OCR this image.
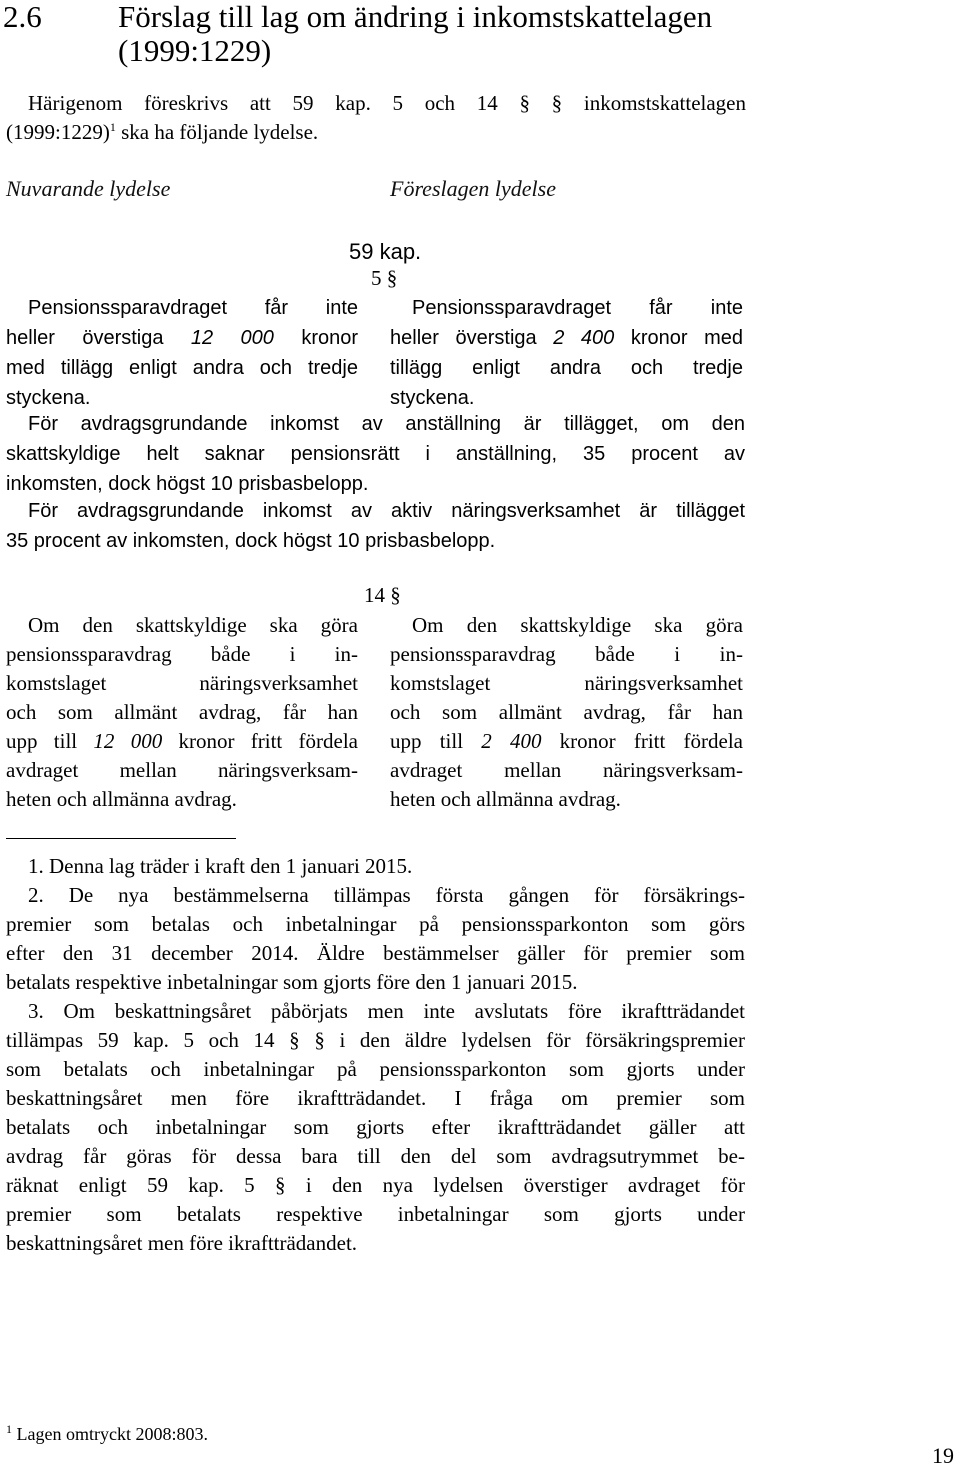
2.6 Förslag till lag om ändring i inkomstskattelagen
(1999:1229)
Härigenom föreskrivs att 59 kap. 5 och 14 § § inkomstskattelagen
(1999:1229)$^1$ ska ha följande lydelse.
Nuvarande lydelse	Föreslagen lydelse
59 kap.
5 §
Pensionssparavdraget får inte
heller överstiga 12 000 kronor
med tillägg enligt andra och tredje
styckena.
Pensionssparavdraget får inte
heller överstiga 2 400 kronor med
tillägg enligt andra och tredje
styckena.
För avdragsgrundande inkomst av anställning är tillägget, om den
skattskyldige helt saknar pensionsrätt i anställning, 35 procent av
inkomsten, dock högst 10 prisbasbelopp.
För avdragsgrundande inkomst av aktiv näringsverksamhet är tillägget
35 procent av inkomsten, dock högst 10 prisbasbelopp.
14 §
Om den skattskyldige ska göra
pensionssparavdrag både i in-
komstslaget näringsverksamhet
och som allmänt avdrag, får han
upp till 12 000 kronor fritt fördela
avdraget mellan näringsverksam-
heten och allmänna avdrag.
Om den skattskyldige ska göra
pensionssparavdrag både i in-
komstslaget näringsverksamhet
och som allmänt avdrag, får han
upp till 2 400 kronor fritt fördela
avdraget mellan näringsverksam-
heten och allmänna avdrag.
1. Denna lag träder i kraft den 1 januari 2015.
2. De nya bestämmelserna tillämpas första gången för försäkrings-
premier som betalas och inbetalningar på pensionssparkonton som görs
efter den 31 december 2014. Äldre bestämmelser gäller för premier som
betalats respektive inbetalningar som gjorts före den 1 januari 2015.
3. Om beskattningsåret påbörjats men inte avslutats före ikraftträdandet
tillämpas 59 kap. 5 och 14 § § i den äldre lydelsen för försäkringspremier
som betalats och inbetalningar på pensionssparkonton som gjorts under
beskattningsåret men före ikraftträdandet. I fråga om premier som
betalats och inbetalningar som gjorts efter ikraftträdandet gäller att
avdrag får göras för dessa bara till den del som avdragsutrymmet be-
räknat enligt 59 kap. 5 § i den nya lydelsen överstiger avdraget för
premier som betalats respektive inbetalningar som gjorts under
beskattningsåret men före ikraftträdandet.
$^1$ Lagen omtryckt 2008:803.
19
